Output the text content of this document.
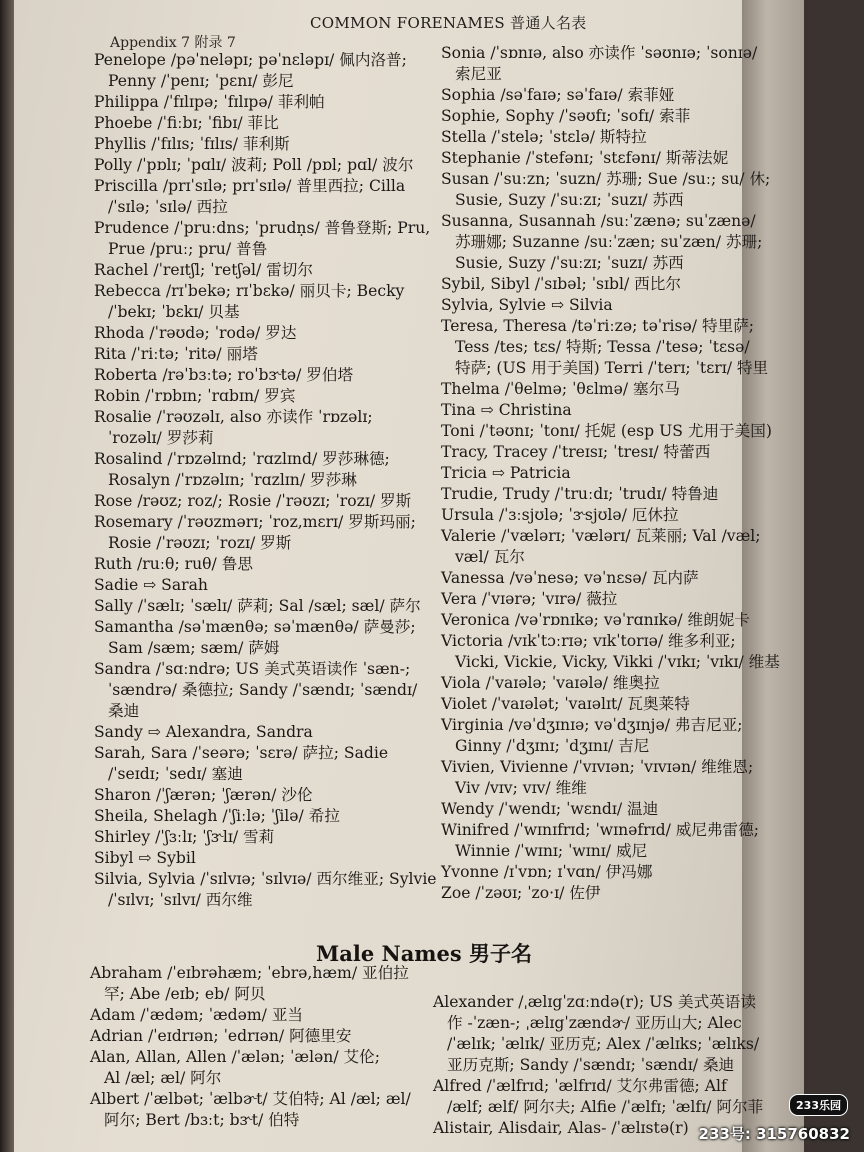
COMMON FORENAMES 普通人名表
Appendix 7 附录 7
Penelope /pəˈneləpɪ; pəˈnɛləpɪ/ 佩内洛普;
Penny /ˈpenɪ; ˈpɛnɪ/ 彭尼
Philippa /ˈfɪlɪpə; ˈfɪlɪpə/ 菲利帕
Phoebe /ˈfiːbɪ; ˈfibɪ/ 菲比
Phyllis /ˈfɪlɪs; ˈfɪlɪs/ 菲利斯
Polly /ˈpɒlɪ; ˈpɑlɪ/ 波莉; Poll /pɒl; pɑl/ 波尔
Priscilla /prɪˈsɪlə; prɪˈsɪlə/ 普里西拉; Cilla
/ˈsɪlə; ˈsɪlə/ 西拉
Prudence /ˈpruːdns; ˈprudṇs/ 普鲁登斯; Pru,
Prue /pruː; pru/ 普鲁
Rachel /ˈreɪtʃl; ˈretʃəl/ 雷切尔
Rebecca /rɪˈbekə; rɪˈbɛkə/ 丽贝卡; Becky
/ˈbekɪ; ˈbɛkɪ/ 贝基
Rhoda /ˈrəʊdə; ˈrodə/ 罗达
Rita /ˈriːtə; ˈritə/ 丽塔
Roberta /rəˈbɜːtə; roˈbɝtə/ 罗伯塔
Robin /ˈrɒbɪn; ˈrɑbɪn/ 罗宾
Rosalie /ˈrəʊzəlɪ, also 亦读作 ˈrɒzəlɪ;
ˈrozəlɪ/ 罗莎莉
Rosalind /ˈrɒzəlɪnd; ˈrɑzlɪnd/ 罗莎琳德;
Rosalyn /ˈrɒzəlɪn; ˈrɑzlɪn/ 罗莎琳
Rose /rəʊz; roz/; Rosie /ˈrəʊzɪ; ˈrozɪ/ 罗斯
Rosemary /ˈrəʊzmərɪ; ˈroz,mɛrɪ/ 罗斯玛丽;
Rosie /ˈrəʊzɪ; ˈrozɪ/ 罗斯
Ruth /ruːθ; ruθ/ 鲁思
Sadie ⇨ Sarah
Sally /ˈsælɪ; ˈsælɪ/ 萨莉; Sal /sæl; sæl/ 萨尔
Samantha /səˈmænθə; səˈmænθə/ 萨曼莎;
Sam /sæm; sæm/ 萨姆
Sandra /ˈsɑːndrə; US 美式英语读作 ˈsæn-;
ˈsændrə/ 桑德拉; Sandy /ˈsændɪ; ˈsændɪ/
桑迪
Sandy ⇨ Alexandra, Sandra
Sarah, Sara /ˈseərə; ˈsɛrə/ 萨拉; Sadie
/ˈseɪdɪ; ˈsedɪ/ 塞迪
Sharon /ˈʃærən; ˈʃærən/ 沙伦
Sheila, Shelagh /ˈʃiːlə; ˈʃilə/ 希拉
Shirley /ˈʃɜːlɪ; ˈʃɝlɪ/ 雪莉
Sibyl ⇨ Sybil
Silvia, Sylvia /ˈsɪlvɪə; ˈsɪlvɪə/ 西尔维亚; Sylvie
/ˈsɪlvɪ; ˈsɪlvɪ/ 西尔维
Sonia /ˈsɒnɪə, also 亦读作 ˈsəʊnɪə; ˈsonɪə/
索尼亚
Sophia /səˈfaɪə; səˈfaɪə/ 索菲娅
Sophie, Sophy /ˈsəʊfɪ; ˈsofɪ/ 索菲
Stella /ˈstelə; ˈstɛlə/ 斯特拉
Stephanie /ˈstefənɪ; ˈstɛfənɪ/ 斯蒂法妮
Susan /ˈsuːzn; ˈsuzn/ 苏珊; Sue /suː; su/ 休;
Susie, Suzy /ˈsuːzɪ; ˈsuzɪ/ 苏西
Susanna, Susannah /suːˈzænə; suˈzænə/
苏珊娜; Suzanne /suːˈzæn; suˈzæn/ 苏珊;
Susie, Suzy /ˈsuːzɪ; ˈsuzɪ/ 苏西
Sybil, Sibyl /ˈsɪbəl; ˈsɪbl/ 西比尔
Sylvia, Sylvie ⇨ Silvia
Teresa, Theresa /təˈriːzə; təˈrisə/ 特里萨;
Tess /tes; tɛs/ 特斯; Tessa /ˈtesə; ˈtɛsə/
特萨; (US 用于美国) Terri /ˈterɪ; ˈtɛrɪ/ 特里
Thelma /ˈθelmə; ˈθɛlmə/ 塞尔马
Tina ⇨ Christina
Toni /ˈtəʊnɪ; ˈtonɪ/ 托妮 (esp US 尤用于美国)
Tracy, Tracey /ˈtreɪsɪ; ˈtresɪ/ 特蕾西
Tricia ⇨ Patricia
Trudie, Trudy /ˈtruːdɪ; ˈtrudɪ/ 特鲁迪
Ursula /ˈɜːsjʊlə; ˈɝsjʊlə/ 厄休拉
Valerie /ˈvælərɪ; ˈvælərɪ/ 瓦莱丽; Val /væl;
væl/ 瓦尔
Vanessa /vəˈnesə; vəˈnɛsə/ 瓦内萨
Vera /ˈvɪərə; ˈvɪrə/ 薇拉
Veronica /vəˈrɒnɪkə; vəˈrɑnɪkə/ 维朗妮卡
Victoria /vɪkˈtɔːrɪə; vɪkˈtorɪə/ 维多利亚;
Vicki, Vickie, Vicky, Vikki /ˈvɪkɪ; ˈvɪkɪ/ 维基
Viola /ˈvaɪələ; ˈvaɪələ/ 维奥拉
Violet /ˈvaɪələt; ˈvaɪəlɪt/ 瓦奥莱特
Virginia /vəˈdʒɪnɪə; vəˈdʒɪnjə/ 弗吉尼亚;
Ginny /ˈdʒɪnɪ; ˈdʒɪnɪ/ 吉尼
Vivien, Vivienne /ˈvɪvɪən; ˈvɪvɪən/ 维维恩;
Viv /vɪv; vɪv/ 维维
Wendy /ˈwendɪ; ˈwɛndɪ/ 温迪
Winifred /ˈwɪnɪfrɪd; ˈwɪnəfrɪd/ 威尼弗雷德;
Winnie /ˈwɪnɪ; ˈwɪnɪ/ 威尼
Yvonne /ɪˈvɒn; ɪˈvɑn/ 伊冯娜
Zoe /ˈzəʊɪ; ˈzo·ɪ/ 佐伊
Male Names 男子名
Abraham /ˈeɪbrəhæm; ˈebrə,hæm/ 亚伯拉
罕; Abe /eɪb; eb/ 阿贝
Adam /ˈædəm; ˈædəm/ 亚当
Adrian /ˈeɪdrɪən; ˈedrɪən/ 阿德里安
Alan, Allan, Allen /ˈælən; ˈælən/ 艾伦;
Al /æl; æl/ 阿尔
Albert /ˈælbət; ˈælbɚt/ 艾伯特; Al /æl; æl/
阿尔; Bert /bɜːt; bɝt/ 伯特
Alexander /ˌælɪgˈzɑːndə(r); US 美式英语读
作 -ˈzæn-; ˌælɪgˈzændɚ/ 亚历山大; Alec
/ˈælɪk; ˈælɪk/ 亚历克; Alex /ˈælɪks; ˈælɪks/
亚历克斯; Sandy /ˈsændɪ; ˈsændɪ/ 桑迪
Alfred /ˈælfrɪd; ˈælfrɪd/ 艾尔弗雷德; Alf
/ælf; ælf/ 阿尔夫; Alfie /ˈælfɪ; ˈælfɪ/ 阿尔菲
Alistair, Alisdair, Alas- /ˈælɪstə(r)
233乐园
233号: 315760832
